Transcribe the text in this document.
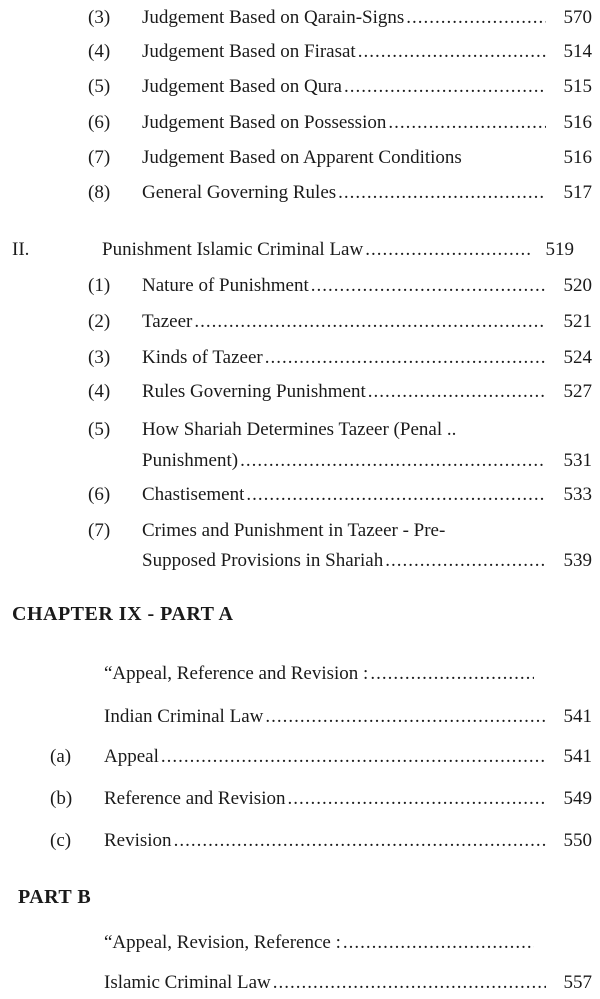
(3) Judgement Based on Qarain-Signs .....	570
(4) Judgement Based on Firasat .....	514
(5) Judgement Based on Qura .....	515
(6) Judgement Based on Possession .....	516
(7) Judgement Based on Apparent Conditions	516
(8) General Governing Rules .....	517
II.	Punishment Islamic Criminal Law .....	519
(1) Nature of Punishment .....	520
(2) Tazeer .....	521
(3) Kinds of Tazeer .....	524
(4) Rules Governing Punishment .....	527
(5) How Shariah Determines Tazeer (Penal ..
Punishment) .....	531
(6) Chastisement .....	533
(7) Crimes and Punishment in Tazeer - Pre-
Supposed Provisions in Shariah .....	539
CHAPTER IX - PART A
“Appeal, Reference and Revision :
.....
Indian Criminal Law .....	541
(a) Appeal .....	541
(b) Reference and Revision .....	549
(c) Revision .....	550
PART B
“Appeal, Revision, Reference :
.....
Islamic Criminal Law .....	557
